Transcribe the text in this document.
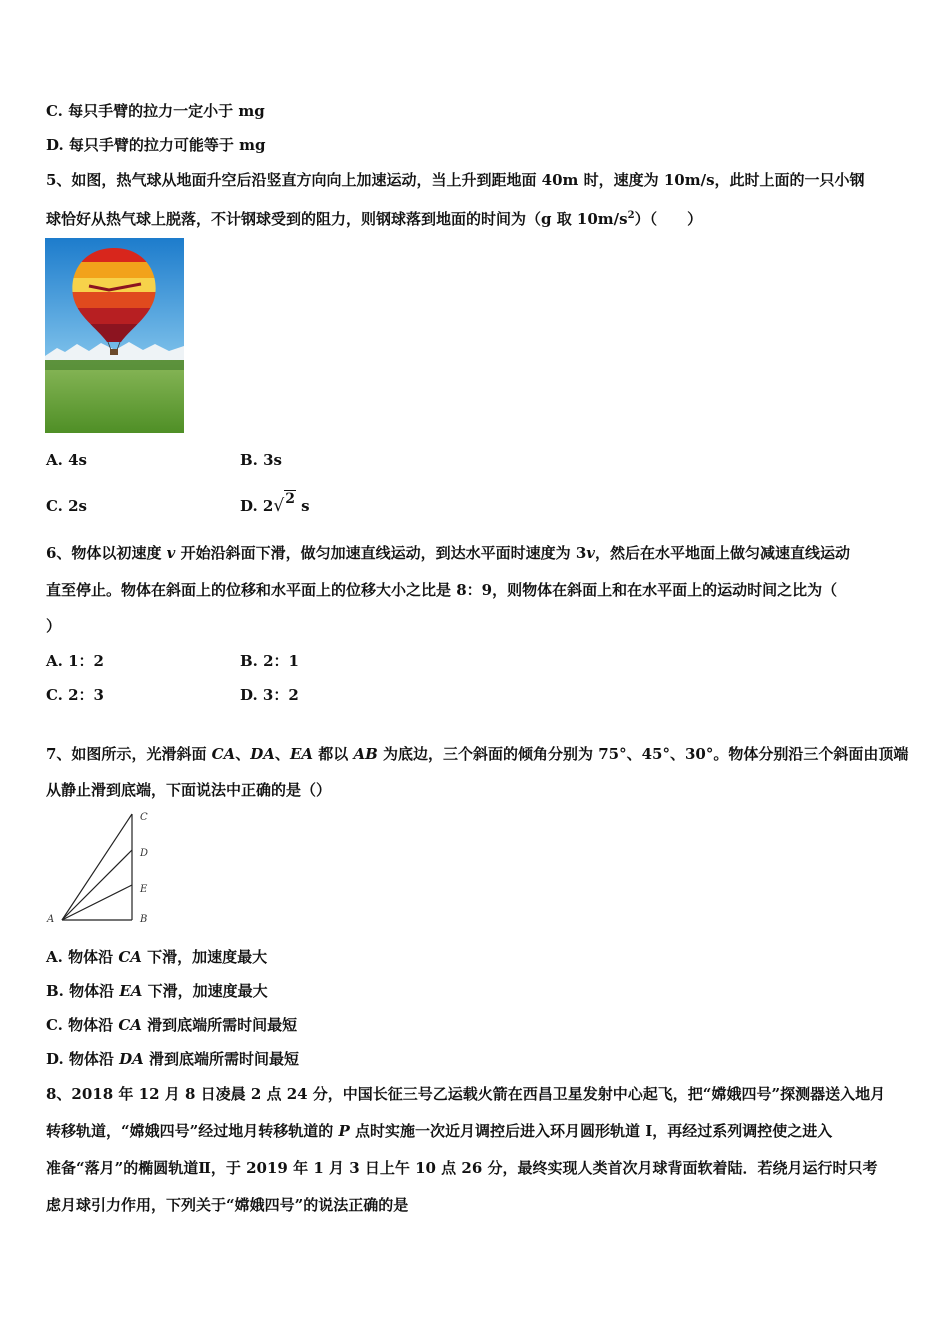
C. 每只手臂的拉力一定小于 mg
D. 每只手臂的拉力可能等于 mg
5、如图，热气球从地面升空后沿竖直方向向上加速运动，当上升到距地面 40m 时，速度为 10m/s，此时上面的一只小钢
球恰好从热气球上脱落，不计钢球受到的阻力，则钢球落到地面的时间为（g 取 $10m/s^2$）（　　）
A. 4s	B. 3s
C. 2s	D. 2√2 s
6、物体以初速度 v 开始沿斜面下滑，做匀加速直线运动，到达水平面时速度为 3v，然后在水平地面上做匀减速直线运动
直至停止。物体在斜面上的位移和水平面上的位移大小之比是 8：9，则物体在斜面上和在水平面上的运动时间之比为（
）
A. 1：2	B. 2：1
C. 2：3	D. 3：2
7、如图所示，光滑斜面 CA、DA、EA 都以 AB 为底边，三个斜面的倾角分别为 75°、45°、30°。物体分别沿三个斜面由顶端
从静止滑到底端，下面说法中正确的是（）
C
D
E
A	B
A. 物体沿 CA 下滑，加速度最大
B. 物体沿 EA 下滑，加速度最大
C. 物体沿 CA 滑到底端所需时间最短
D. 物体沿 DA 滑到底端所需时间最短
8、2018 年 12 月 8 日凌晨 2 点 24 分，中国长征三号乙运载火箭在西昌卫星发射中心起飞，把“嫦娥四号”探测器送入地月
转移轨道，“嫦娥四号”经过地月转移轨道的 P 点时实施一次近月调控后进入环月圆形轨道 I，再经过系列调控使之进入
准备“落月”的椭圆轨道Ⅱ，于 2019 年 1 月 3 日上午 10 点 26 分，最终实现人类首次月球背面软着陆．若绕月运行时只考
虑月球引力作用，下列关于“嫦娥四号”的说法正确的是
